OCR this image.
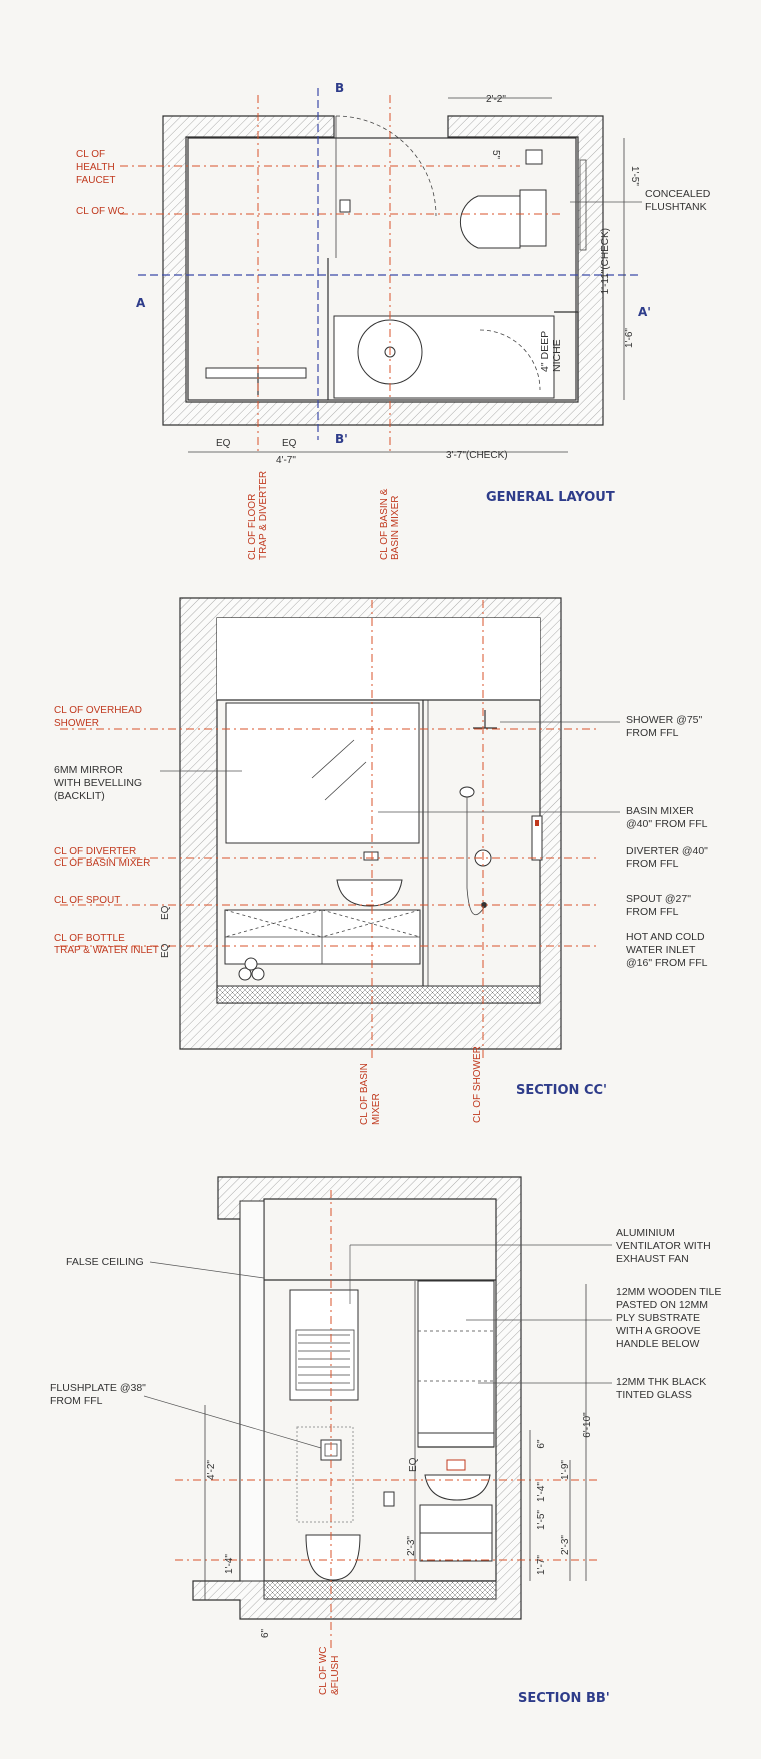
B
B'
A
A'
CL OF HEALTH FAUCET
CL OF WC
2'-2"
5"
1'-5"
1'-11"(CHECK)
1'-6"
CONCEALED FLUSHTANK
4" DEEP NICHE
EQ	EQ
4'-7"	3'-7"(CHECK)
CL OF FLOOR TRAP & DIVERTER	CL OF BASIN & BASIN MIXER	GENERAL LAYOUT
CL OF OVERHEAD SHOWER
6MM MIRROR WITH BEVELLING (BACKLIT)
CL OF DIVERTER CL OF BASIN MIXER
CL OF SPOUT
CL OF BOTTLE TRAP & WATER INLET
EQ
EQ
SHOWER @75" FROM FFL
BASIN MIXER @40" FROM FFL
DIVERTER @40" FROM FFL
SPOUT @27" FROM FFL
HOT AND COLD WATER INLET @16" FROM FFL
CL OF BASIN MIXER	CL OF SHOWER	SECTION CC'
FALSE CEILING
FLUSHPLATE @38" FROM FFL
4'-2"
1'-4"
6"
2'-3"
EQ
CL OF WC &FLUSH
ALUMINIUM VENTILATOR WITH EXHAUST FAN
12MM WOODEN TILE PASTED ON 12MM PLY SUBSTRATE WITH A GROOVE HANDLE BELOW
12MM THK BLACK TINTED GLASS
6"
1'-4"
1'-5"
1'-7"
1'-9"
2'-3"
6'-10"
SECTION BB'
